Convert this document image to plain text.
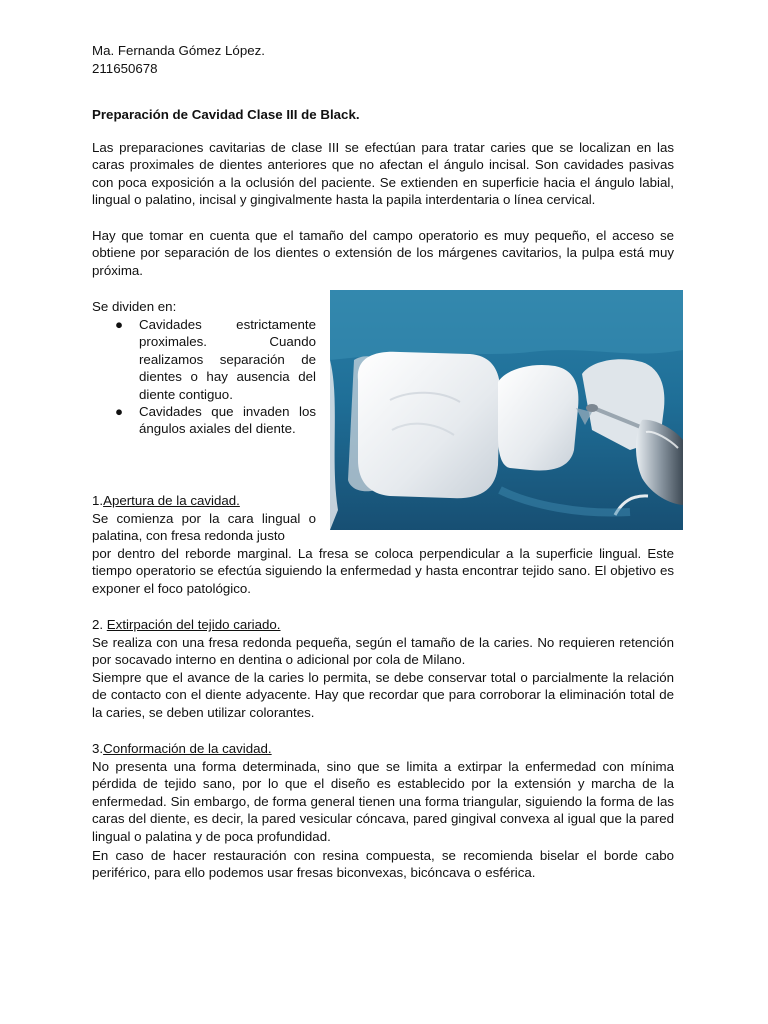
Ma. Fernanda Gómez López.

211650678

Preparación de Cavidad Clase III de Black.

Las preparaciones cavitarias de clase III se efectúan para tratar caries que se localizan en las caras proximales de dientes anteriores que no afectan el ángulo incisal. Son cavidades pasivas con poca exposición a la oclusión del paciente. Se extienden en superficie hacia el ángulo labial, lingual o palatino, incisal y gingivalmente hasta la papila interdentaria o línea cervical.

Hay que tomar en cuenta que el tamaño del campo operatorio es muy pequeño, el acceso se obtiene por separación de los dientes o extensión de los márgenes cavitarios, la pulpa está muy próxima.

Se dividen en:

● Cavidades estrictamente proximales. Cuando realizamos separación de dientes o hay ausencia del diente contiguo.
● Cavidades que invaden los ángulos axiales del diente.

1.Apertura de la cavidad.

Se comienza por la cara lingual o palatina, con fresa redonda justo

por dentro del reborde marginal. La fresa se coloca perpendicular a la superficie lingual. Este tiempo operatorio se efectúa siguiendo la enfermedad y hasta encontrar tejido sano. El objetivo es exponer el foco patológico.

2. Extirpación del tejido cariado.

Se realiza con una fresa redonda pequeña, según el tamaño de la caries. No requieren retención por socavado interno en dentina o adicional por cola de Milano.

Siempre que el avance de la caries lo permita, se debe conservar total o parcialmente la relación de contacto con el diente adyacente. Hay que recordar que para corroborar la eliminación total de la caries, se deben utilizar colorantes.

3.Conformación de la cavidad.

No presenta una forma determinada, sino que se limita a extirpar la enfermedad con mínima pérdida de tejido sano, por lo que el diseño es establecido por la extensión y marcha de la enfermedad. Sin embargo, de forma general tienen una forma triangular, siguiendo la forma de las caras del diente, es decir, la pared vesicular cóncava, pared gingival convexa al igual que la pared lingual o palatina y de poca profundidad.

En caso de hacer restauración con resina compuesta, se recomienda biselar el borde cabo periférico, para ello podemos usar fresas biconvexas, bicóncava o esférica.
